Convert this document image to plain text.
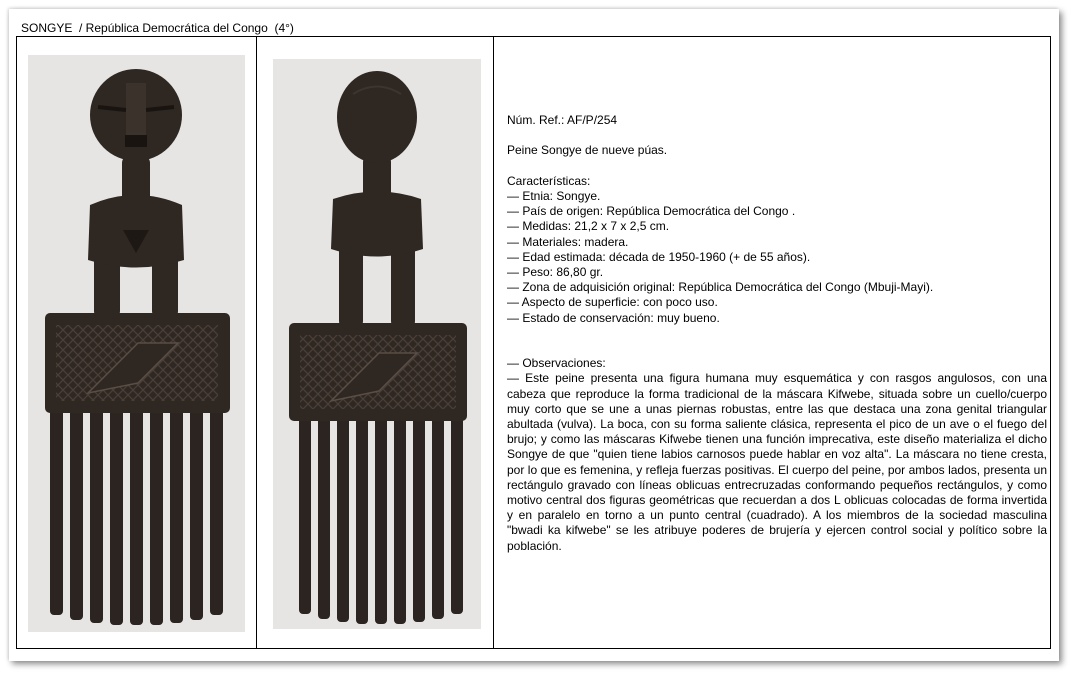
SONGYE  / República Democrática del Congo  (4°)

Núm. Ref.: AF/P/254

Peine Songye de nueve púas.

Características:

— Etnia: Songye.

— País de origen: República Democrática del Congo .

— Medidas: 21,2 x 7 x 2,5 cm.

— Materiales: madera.

— Edad estimada: década de 1950-1960 (+ de 55 años).

— Peso: 86,80 gr.

— Zona de adquisición original: República Democrática del Congo (Mbuji-Mayi).

— Aspecto de superficie: con poco uso.

— Estado de conservación: muy bueno.

— Observaciones:

— Este peine presenta una figura humana muy esquemática y con rasgos angulosos, con una cabeza que reproduce la forma tradicional de la máscara Kifwebe, situada sobre un cuello/cuerpo muy corto que se une a unas piernas robustas, entre las que destaca una zona genital triangular abultada (vulva). La boca, con su forma saliente clásica, representa el pico de un ave o el fuego del brujo; y como las máscaras Kifwebe tienen una función imprecativa, este diseño materializa el dicho Songye de que "quien tiene labios carnosos puede hablar en voz alta". La máscara no tiene cresta, por lo que es femenina, y refleja fuerzas positivas. El cuerpo del peine, por ambos lados, presenta un rectángulo gravado con líneas oblicuas entrecruzadas conformando pequeños rectángulos, y como motivo central dos figuras geométricas que recuerdan a dos L oblicuas colocadas de forma invertida y en paralelo en torno a un punto central (cuadrado). A los miembros de la sociedad masculina "bwadi ka kifwebe" se les atribuye poderes de brujería y ejercen control social y político sobre la población.
